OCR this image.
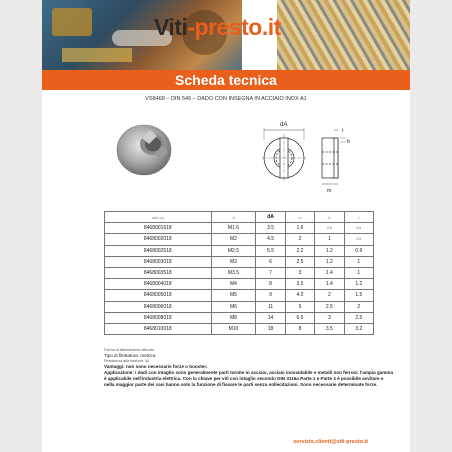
Viti-presto.it
Scheda tecnica
VS8468 – DIN 546 – DADO CON INSEGNA IN ACCIAIO INOX A1
dA
t
b
m
sku cq	d	dA	m	b	t
8468001618	M1.6	3.5	1.6	0.5	0.6
8468002018	M2	4.5	2	1	0.6
8468002518	M2.5	5.5	2.2	1.2	0.9
8468003018	M3	6	2.5	1.2	1
8468003518	M3.5	7	3	1.4	1
8468004018	M4	8	3.5	1.4	1.2
8468005018	M5	9	4.2	2	1.5
8468006018	M6	11	5	2.5	2
8468008018	M8	14	6.5	3	2.5
8468010018	M10	18	8	3.5	3.2
Forma di allineamento affondo
Tipo di filettatura: metrica
Resistenza alla trazione: 50
Vantaggi: non sono necessarie forze o booster.
Applicazione: I dadi con intaglio sono generalmente parti tornite in acciaio, acciaio inossidabile e metalli non ferrosi. l'ampia gamma è applicabile nell'industria elettrica. Con la chiave per viti con intaglio secondo DIN 3116a Parte 1 e Parte 2 è possibile avvitare e nella maggior parte dei casi hanno solo la funzione di fissare le parti senza sollecitazioni. Sono necessarie determinate forze.
servizio.clienti@viti-presto.it
